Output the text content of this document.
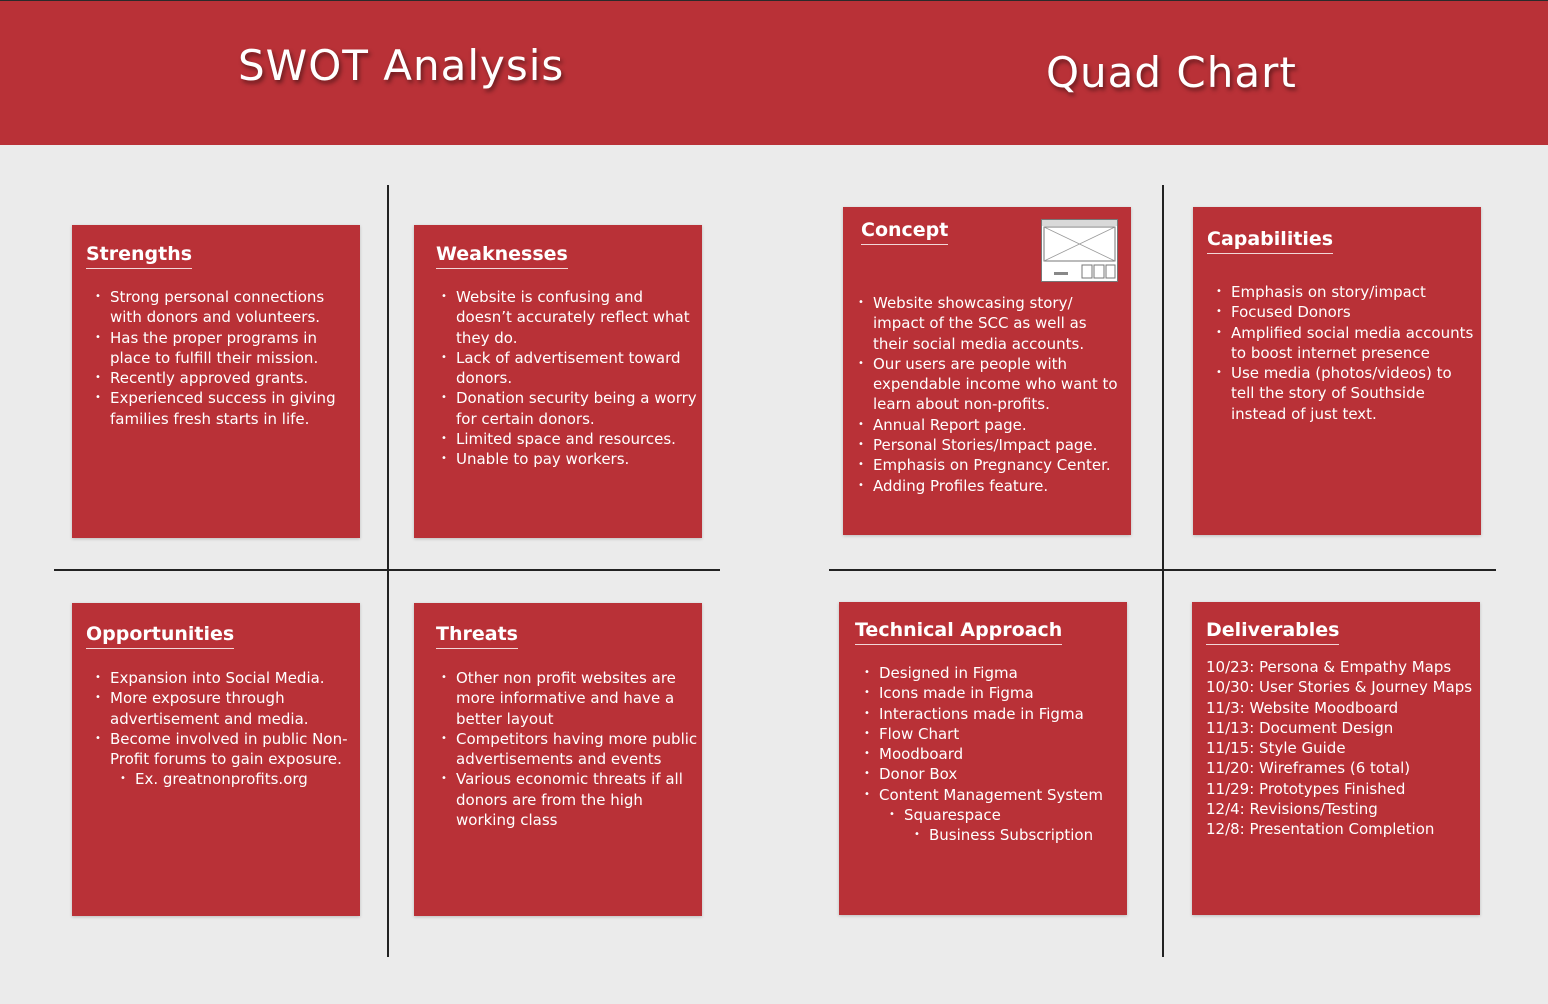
SWOT Analysis	Quad Chart
Strengths
• Strong personal connections with donors and volunteers.
• Has the proper programs in place to fulfill their mission.
• Recently approved grants.
• Experienced success in giving families fresh starts in life.
Weaknesses
• Website is confusing and doesn’t accurately reflect what they do.
• Lack of advertisement toward donors.
• Donation security being a worry for certain donors.
• Limited space and resources.
• Unable to pay workers.
Opportunities
• Expansion into Social Media.
• More exposure through advertisement and media.
• Become involved in public Non-Profit forums to gain exposure.
• Ex. greatnonprofits.org
Threats
• Other non profit websites are more informative and have a better layout
• Competitors having more public advertisements and events
• Various economic threats if all donors are from the high working class
Concept
• Website showcasing story/ impact of the SCC as well as their social media accounts.
• Our users are people with expendable income who want to learn about non-profits.
• Annual Report page.
• Personal Stories/Impact page.
• Emphasis on Pregnancy Center.
• Adding Profiles feature.
Capabilities
• Emphasis on story/impact
• Focused Donors
• Amplified social media accounts to boost internet presence
• Use media (photos/videos) to tell the story of Southside instead of just text.
Technical Approach
• Designed in Figma
• Icons made in Figma
• Interactions made in Figma
• Flow Chart
• Moodboard
• Donor Box
• Content Management System
• Squarespace
• Business Subscription
Deliverables
10/23: Persona & Empathy Maps
10/30: User Stories & Journey Maps
11/3: Website Moodboard
11/13: Document Design
11/15: Style Guide
11/20: Wireframes (6 total)
11/29: Prototypes Finished
12/4: Revisions/Testing
12/8: Presentation Completion
